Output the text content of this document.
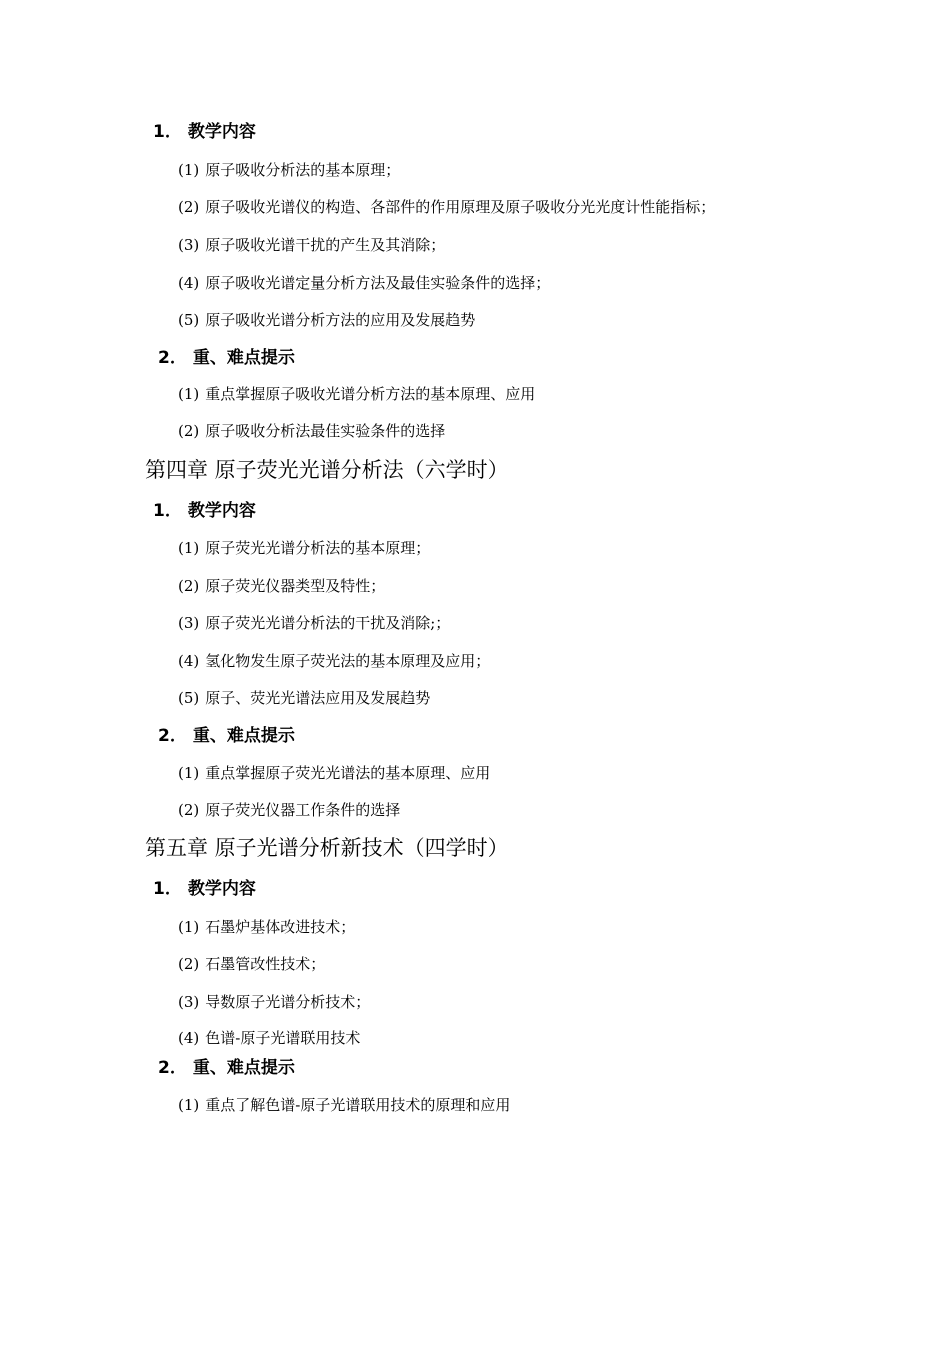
1． 教学内容
(1) 原子吸收分析法的基本原理；
(2) 原子吸收光谱仪的构造、各部件的作用原理及原子吸收分光光度计性能指标；
(3) 原子吸收光谱干扰的产生及其消除；
(4) 原子吸收光谱定量分析方法及最佳实验条件的选择；
(5) 原子吸收光谱分析方法的应用及发展趋势
2． 重、难点提示
(1) 重点掌握原子吸收光谱分析方法的基本原理、应用
(2) 原子吸收分析法最佳实验条件的选择
第四章 原子荧光光谱分析法（六学时）
1． 教学内容
(1) 原子荧光光谱分析法的基本原理；
(2) 原子荧光仪器类型及特性；
(3) 原子荧光光谱分析法的干扰及消除;；
(4) 氢化物发生原子荧光法的基本原理及应用；
(5) 原子、荧光光谱法应用及发展趋势
2． 重、难点提示
(1) 重点掌握原子荧光光谱法的基本原理、应用
(2) 原子荧光仪器工作条件的选择
第五章 原子光谱分析新技术（四学时）
1． 教学内容
(1) 石墨炉基体改进技术；
(2) 石墨管改性技术；
(3) 导数原子光谱分析技术；
(4) 色谱-原子光谱联用技术
2． 重、难点提示
(1) 重点了解色谱-原子光谱联用技术的原理和应用
